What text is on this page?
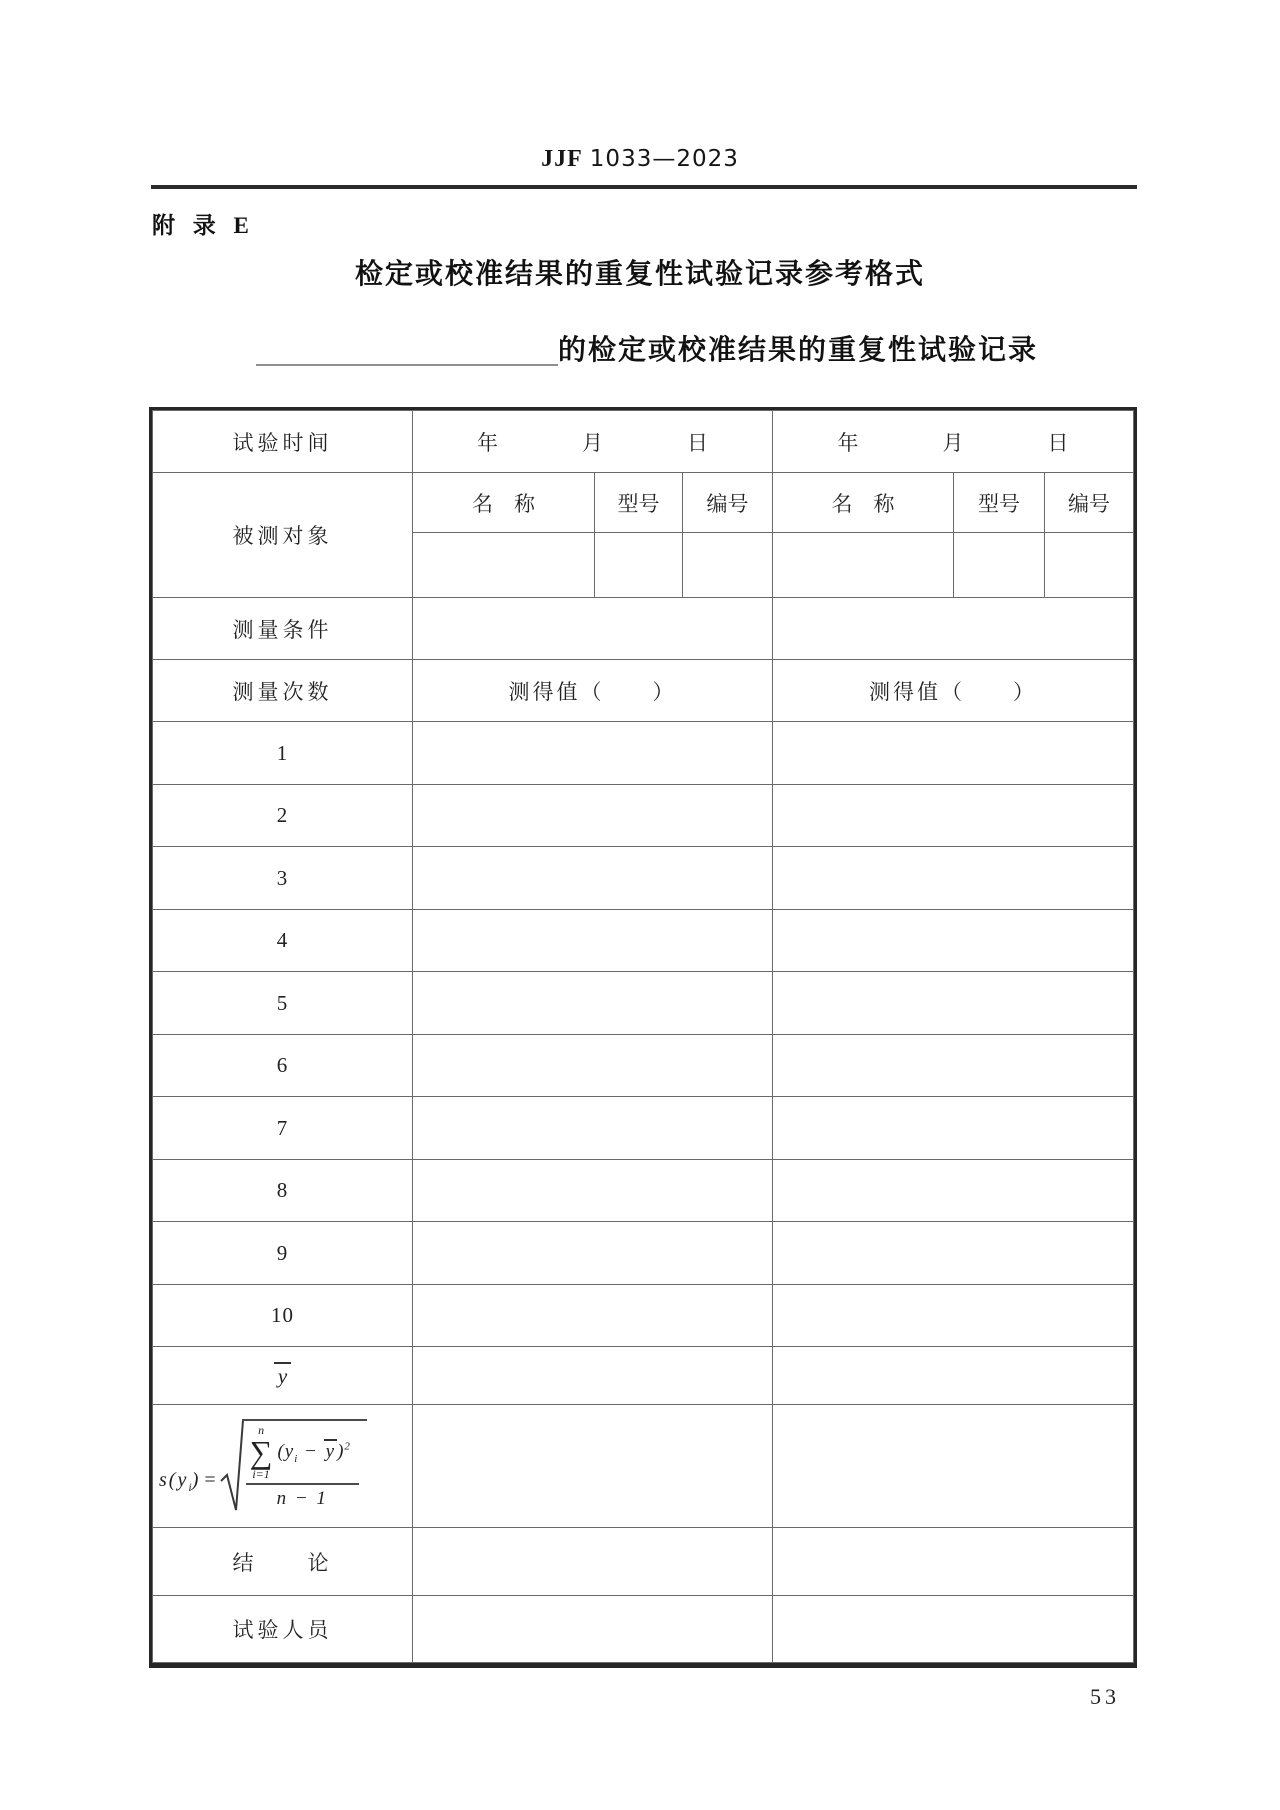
JJF 1033—2023
附 录 E
检定或校准结果的重复性试验记录参考格式
的检定或校准结果的重复性试验记录
试验时间	年　　　　月　　　　日			年　　　　月　　　　日		
被测对象	名　称	型号	编号	名　称	型号	编号

测量条件						
测量次数	测得值（　　）			测得值（　　）		
1						
2						
3						
4						
5						
6						
7						
8						
9						
10						
y						

$s(y_i)$ =
n
∑
i=1
($y_i - y$ )$^2$
n − 1

结　　论						
试验人员						
53
